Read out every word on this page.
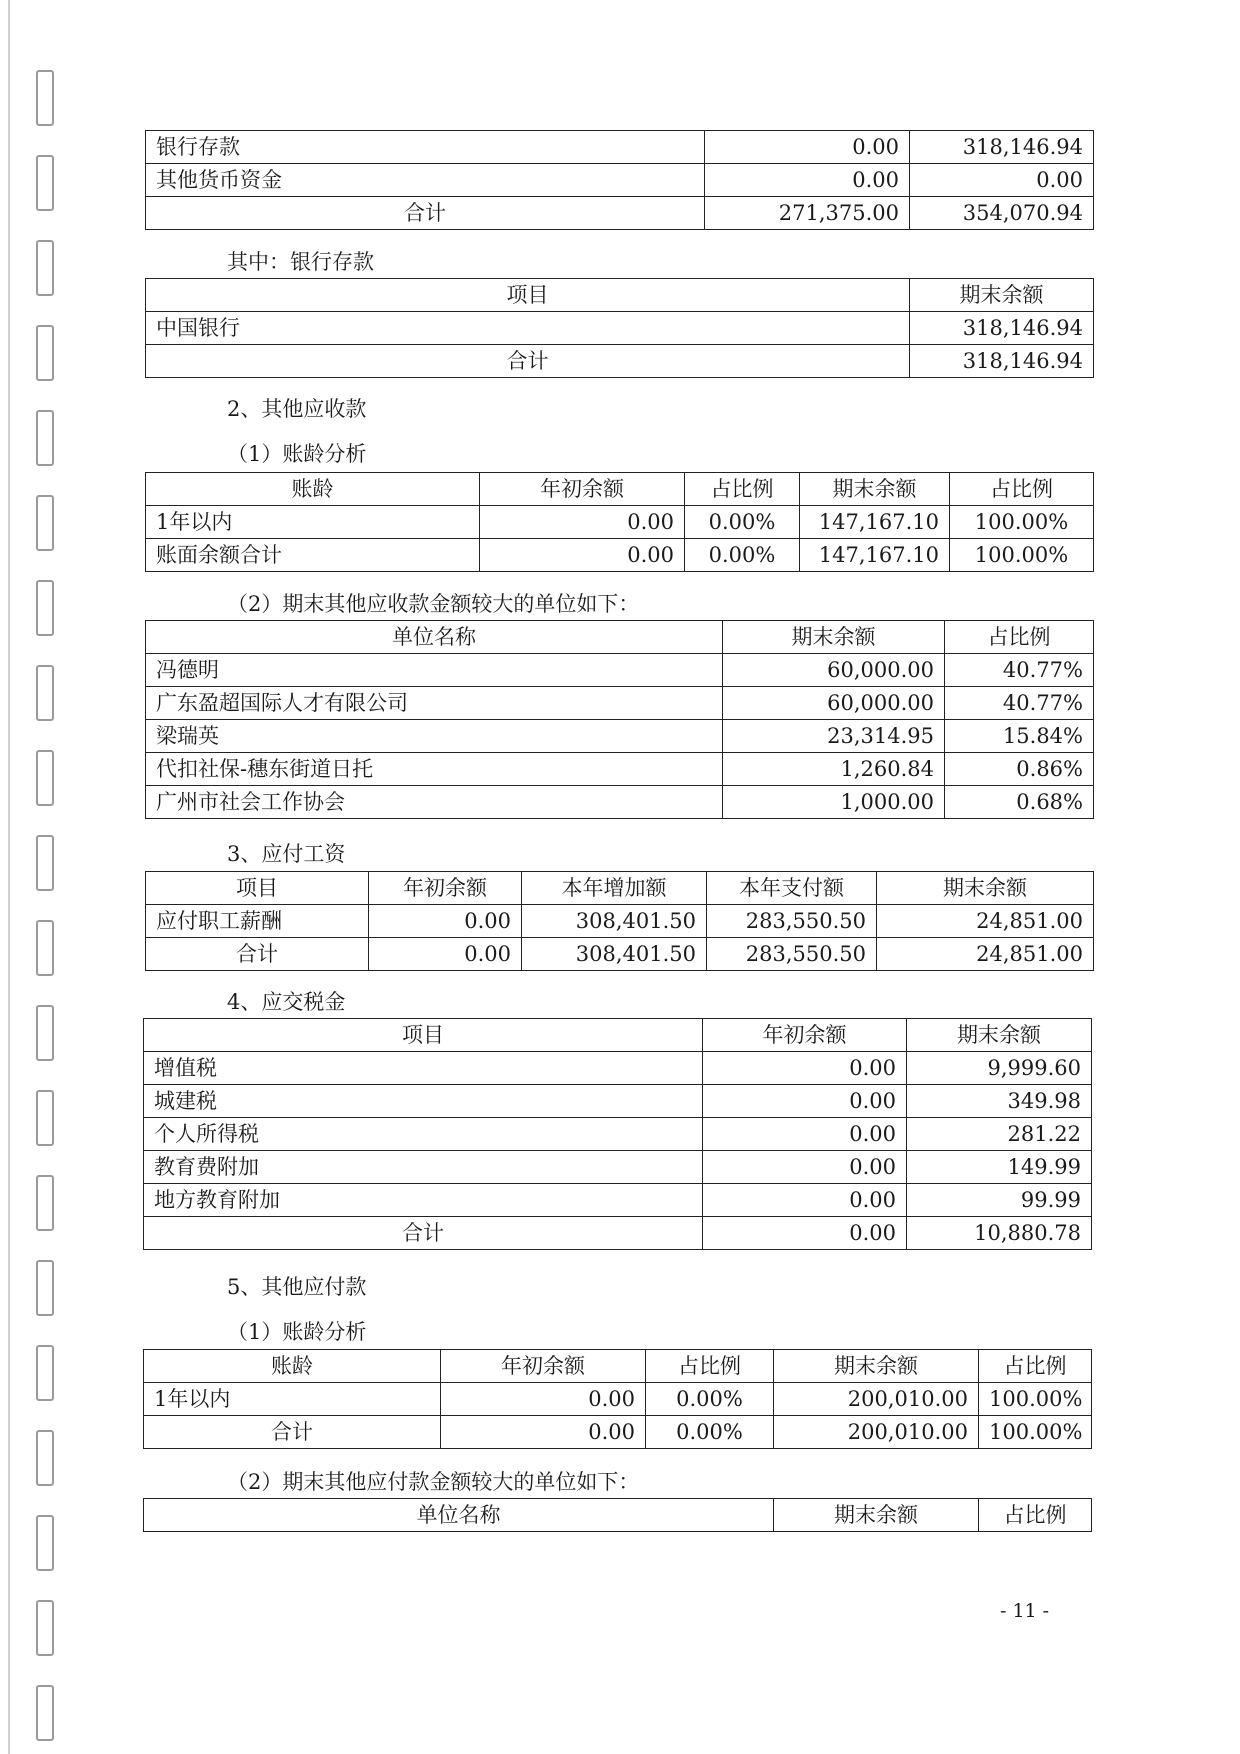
银行存款	0.00	318,146.94
其他货币资金	0.00	0.00
合计	271,375.00	354,070.94
其中：银行存款
项目	期末余额
中国银行	318,146.94
合计	318,146.94
2、其他应收款
（1）账龄分析
账龄	年初余额	占比例	期末余额	占比例
1年以内	0.00	0.00%	147,167.10	100.00%
账面余额合计	0.00	0.00%	147,167.10	100.00%
（2）期末其他应收款金额较大的单位如下：
单位名称	期末余额	占比例
冯德明	60,000.00	40.77%
广东盈超国际人才有限公司	60,000.00	40.77%
梁瑞英	23,314.95	15.84%
代扣社保-穗东街道日托	1,260.84	0.86%
广州市社会工作协会	1,000.00	0.68%
3、应付工资
项目	年初余额	本年增加额	本年支付额	期末余额
应付职工薪酬	0.00	308,401.50	283,550.50	24,851.00
合计	0.00	308,401.50	283,550.50	24,851.00
4、应交税金
项目	年初余额	期末余额
增值税	0.00	9,999.60
城建税	0.00	349.98
个人所得税	0.00	281.22
教育费附加	0.00	149.99
地方教育附加	0.00	99.99
合计	0.00	10,880.78
5、其他应付款
（1）账龄分析
账龄	年初余额	占比例	期末余额	占比例
1年以内	0.00	0.00%	200,010.00	100.00%
合计	0.00	0.00%	200,010.00	100.00%
（2）期末其他应付款金额较大的单位如下：
单位名称	期末余额	占比例
- 11 -
